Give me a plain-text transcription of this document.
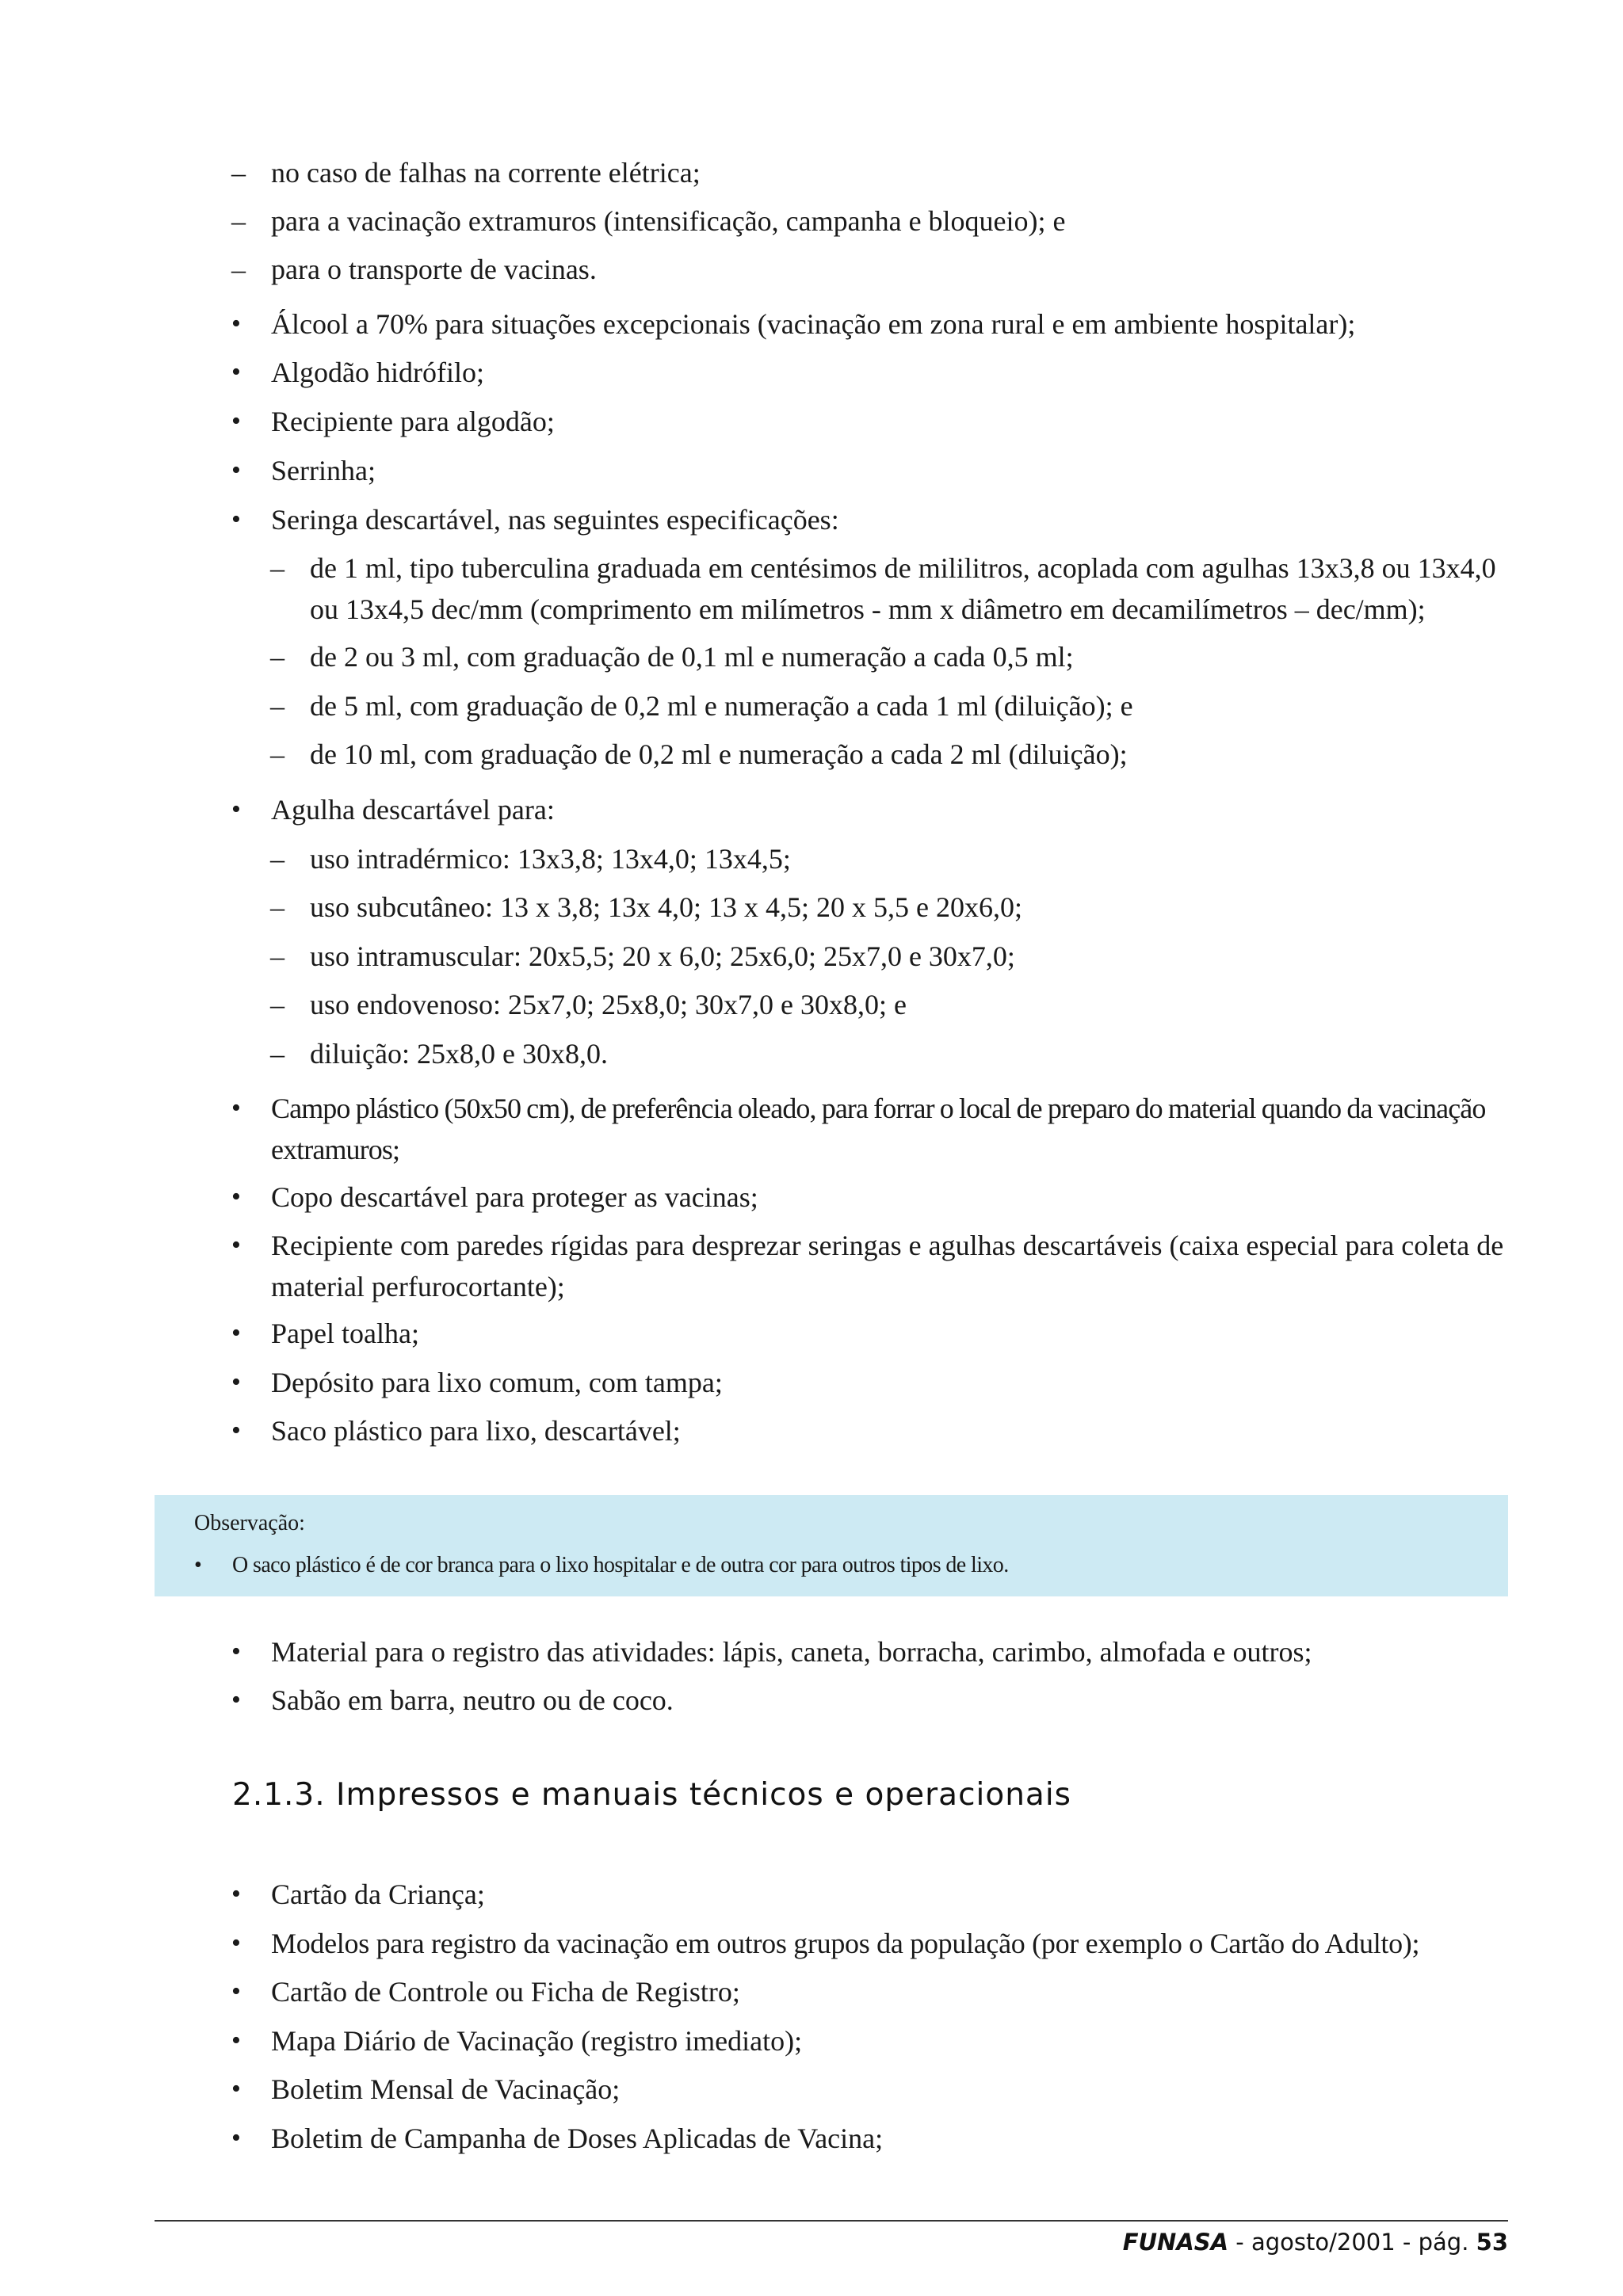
– no caso de falhas na corrente elétrica;

– para a vacinação extramuros (intensificação, campanha e bloqueio); e

– para o transporte de vacinas.

• Álcool a 70% para situações excepcionais (vacinação em zona rural e em ambiente hospitalar);

• Algodão hidrófilo;

• Recipiente para algodão;

• Serrinha;

• Seringa descartável, nas seguintes especificações:

– de 1 ml, tipo tuberculina graduada em centésimos de mililitros, acoplada com agulhas 13x3,8 ou 13x4,0 ou 13x4,5 dec/mm (comprimento em milímetros - mm x diâmetro em decamilímetros – dec/mm);

– de 2 ou 3 ml, com graduação de 0,1 ml e numeração a cada 0,5 ml;

– de 5 ml, com graduação de 0,2 ml e numeração a cada 1 ml (diluição); e

– de 10 ml, com graduação de 0,2 ml e numeração a cada 2 ml (diluição);

• Agulha descartável para:

– uso intradérmico: 13x3,8; 13x4,0; 13x4,5;

– uso subcutâneo: 13 x 3,8; 13x 4,0; 13 x 4,5; 20 x 5,5 e 20x6,0;

– uso intramuscular: 20x5,5; 20 x 6,0; 25x6,0; 25x7,0 e 30x7,0;

– uso endovenoso: 25x7,0; 25x8,0; 30x7,0 e 30x8,0; e

– diluição: 25x8,0 e 30x8,0.

• Campo plástico (50x50 cm), de preferência oleado, para forrar o local de preparo do material quando da vacinação extramuros;

• Copo descartável para proteger as vacinas;

• Recipiente com paredes rígidas para desprezar seringas e agulhas descartáveis (caixa especial para coleta de material perfurocortante);

• Papel toalha;

• Depósito para lixo comum, com tampa;

• Saco plástico para lixo, descartável;

Observação:
• O saco plástico é de cor branca para o lixo hospitalar e de outra cor para outros tipos de lixo.

• Material para o registro das atividades: lápis, caneta, borracha, carimbo, almofada e outros;

• Sabão em barra, neutro ou de coco.

2.1.3. Impressos e manuais técnicos e operacionais

• Cartão da Criança;

• Modelos para registro da vacinação em outros grupos da população (por exemplo o Cartão do Adulto);

• Cartão de Controle ou Ficha de Registro;

• Mapa Diário de Vacinação (registro imediato);

• Boletim Mensal de Vacinação;

• Boletim de Campanha de Doses Aplicadas de Vacina;

FUNASA - agosto/2001 - pág. 53
